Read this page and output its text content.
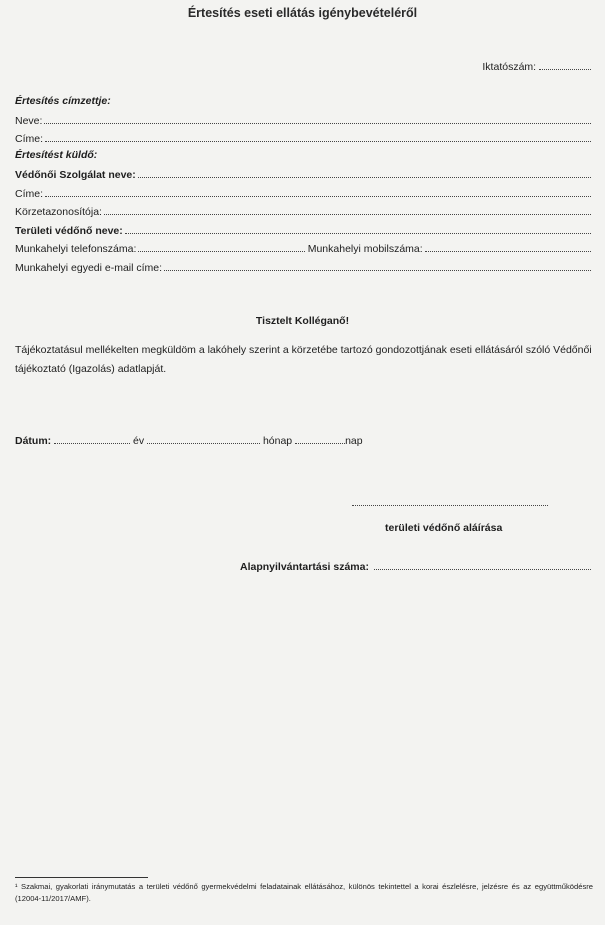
Értesítés eseti ellátás igénybevételéről
Iktatószám:
Értesítés címzettje:
Neve:
Címe:
Értesítést küldő:
Védőnői Szolgálat neve:
Címe:
Körzetazonosítója:
Területi védőnő neve:
Munkahelyi telefonszáma:	Munkahelyi mobilszáma:
Munkahelyi egyedi e-mail címe:
Tisztelt Kolléganő!
Tájékoztatásul mellékelten megküldöm a lakóhely szerint a körzetébe tartozó gondozottjának eseti ellátásáról szóló Védőnői tájékoztató (Igazolás) adatlapját.
Dátum:	év	hónap	nap
területi védőnő aláírása
Alapnyilvántartási száma:
¹ Szakmai, gyakorlati iránymutatás a területi védőnő gyermekvédelmi feladatainak ellátásához, különös tekintettel a korai észlelésre, jelzésre és az együttműködésre (12004-11/2017/AMF).
